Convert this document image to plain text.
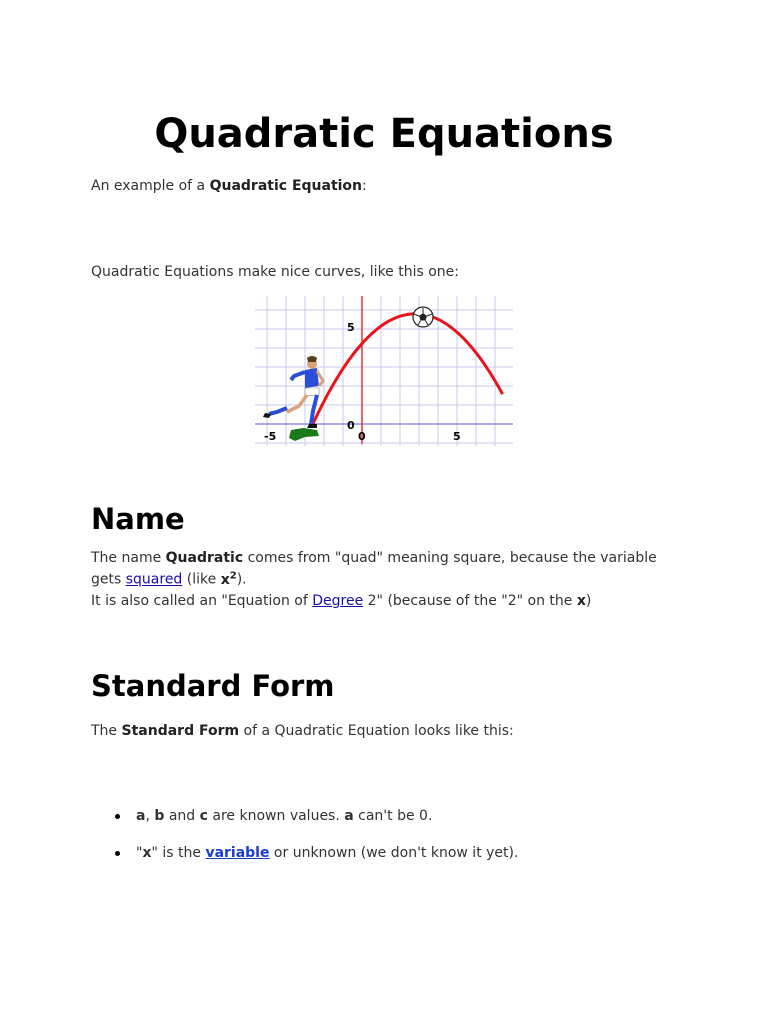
Quadratic Equations

An example of a Quadratic Equation:

Quadratic Equations make nice curves, like this one:

-5	0	5
5
0
Name

The name Quadratic comes from "quad" meaning square, because the variable
gets squared (like $x^2$).

It is also called an "Equation of Degree 2" (because of the "2" on the x)

Standard Form

The Standard Form of a Quadratic Equation looks like this:

a, b and c are known values. a can't be 0.
"x" is the variable or unknown (we don't know it yet).
